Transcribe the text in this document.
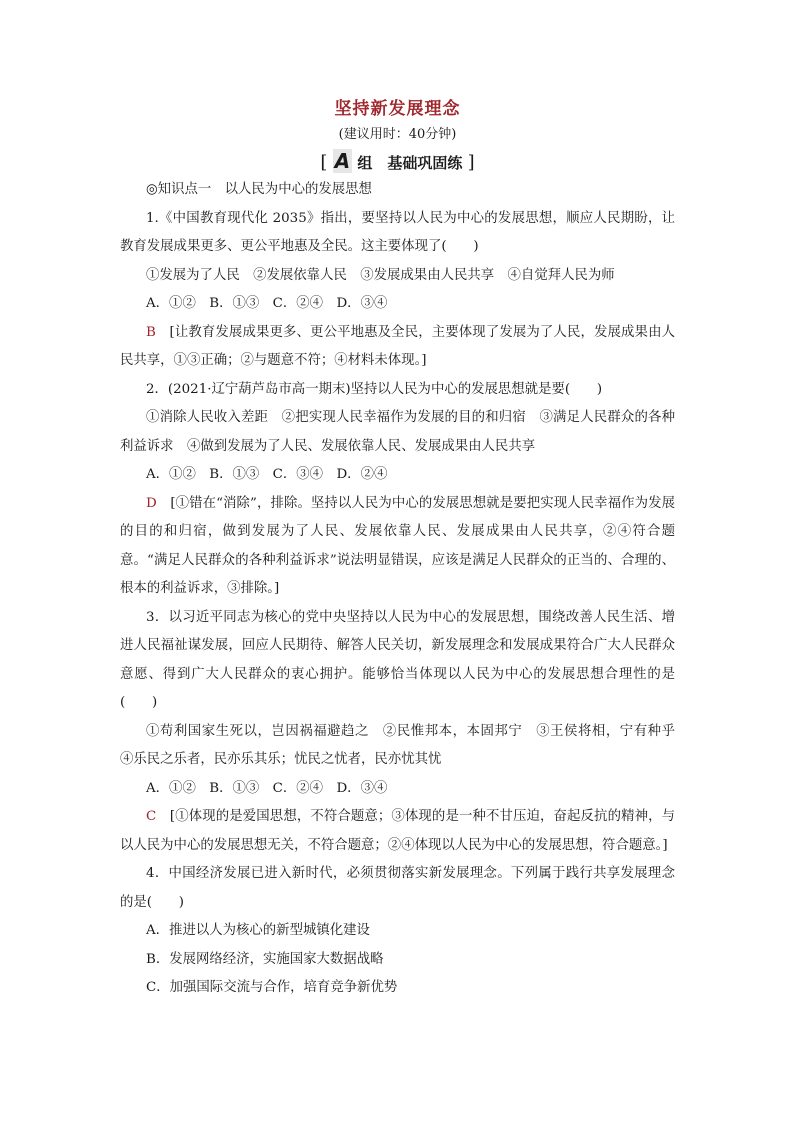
坚持新发展理念
(建议用时：40分钟)
[ A 组　基础巩固练 ]
◎知识点一　以人民为中心的发展思想
1.《中国教育现代化 2035》指出，要坚持以人民为中心的发展思想，顺应人民期盼，让教育发展成果更多、更公平地惠及全民。这主要体现了(　　)
①发展为了人民　②发展依靠人民　③发展成果由人民共享　④自觉拜人民为师
A．①②　B．①③　C．②④　D．③④
B　 [让教育发展成果更多、更公平地惠及全民，主要体现了发展为了人民，发展成果由人民共享，①③正确；②与题意不符；④材料未体现。]
2．(2021·辽宁葫芦岛市高一期末)坚持以人民为中心的发展思想就是要(　　)
①消除人民收入差距　②把实现人民幸福作为发展的目的和归宿　③满足人民群众的各种利益诉求　④做到发展为了人民、发展依靠人民、发展成果由人民共享
A．①②　B．①③　C．③④　D．②④
D　 [①错在“消除”，排除。坚持以人民为中心的发展思想就是要把实现人民幸福作为发展的目的和归宿，做到发展为了人民、发展依靠人民、发展成果由人民共享，②④符合题意。“满足人民群众的各种利益诉求”说法明显错误，应该是满足人民群众的正当的、合理的、根本的利益诉求，③排除。]
3．以习近平同志为核心的党中央坚持以人民为中心的发展思想，围绕改善人民生活、增进人民福祉谋发展，回应人民期待、解答人民关切，新发展理念和发展成果符合广大人民群众意愿、得到广大人民群众的衷心拥护。能够恰当体现以人民为中心的发展思想合理性的是(　　)
①苟利国家生死以，岂因祸福避趋之　②民惟邦本，本固邦宁　③王侯将相，宁有种乎　④乐民之乐者，民亦乐其乐；忧民之忧者，民亦忧其忧
A．①②　B．①③　C．②④　D．③④
C　 [①体现的是爱国思想，不符合题意；③体现的是一种不甘压迫，奋起反抗的精神，与以人民为中心的发展思想无关，不符合题意；②④体现以人民为中心的发展思想，符合题意。]
4．中国经济发展已进入新时代，必须贯彻落实新发展理念。下列属于践行共享发展理念的是(　　)
A．推进以人为核心的新型城镇化建设
B．发展网络经济，实施国家大数据战略
C．加强国际交流与合作，培育竞争新优势
